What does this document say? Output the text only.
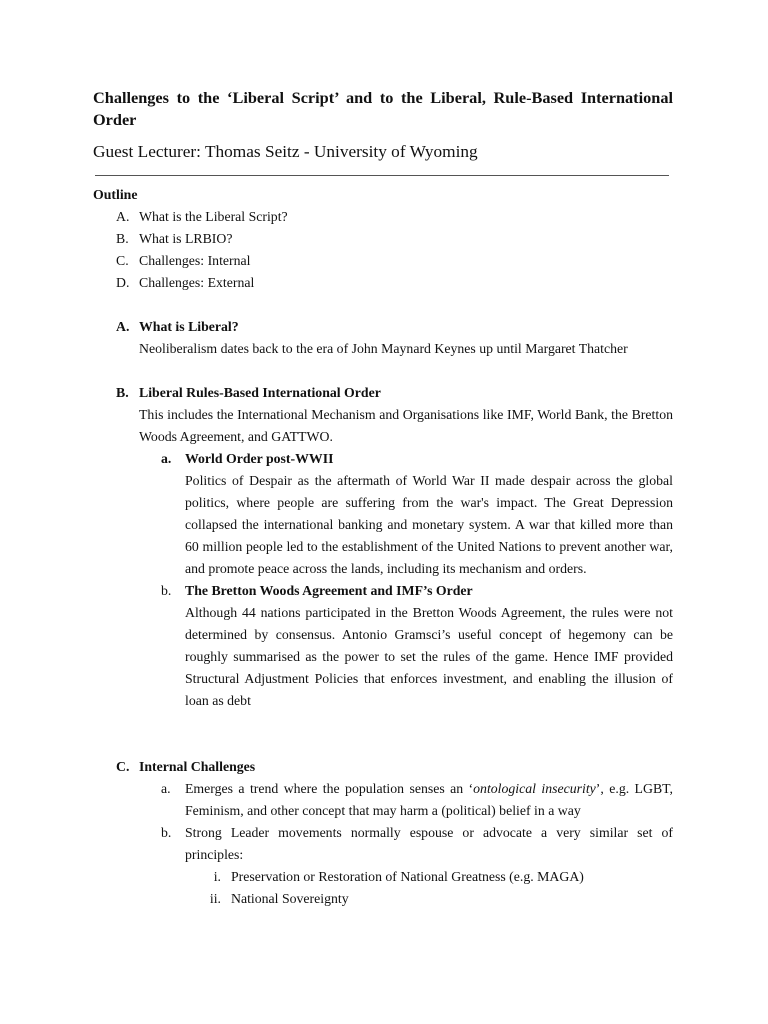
Challenges to the ‘Liberal Script’ and to the Liberal, Rule-Based International Order
Guest Lecturer: Thomas Seitz - University of Wyoming
Outline
A. What is the Liberal Script?
B. What is LRBIO?
C. Challenges: Internal
D. Challenges: External
A. What is Liberal?
Neoliberalism dates back to the era of John Maynard Keynes up until Margaret Thatcher
B. Liberal Rules-Based International Order
This includes the International Mechanism and Organisations like IMF, World Bank, the Bretton Woods Agreement, and GATTWO.
a. World Order post-WWII
Politics of Despair as the aftermath of World War II made despair across the global politics, where people are suffering from the war's impact. The Great Depression collapsed the international banking and monetary system. A war that killed more than 60 million people led to the establishment of the United Nations to prevent another war, and promote peace across the lands, including its mechanism and orders.
b. The Bretton Woods Agreement and IMF’s Order
Although 44 nations participated in the Bretton Woods Agreement, the rules were not determined by consensus. Antonio Gramsci’s useful concept of hegemony can be roughly summarised as the power to set the rules of the game. Hence IMF provided Structural Adjustment Policies that enforces investment, and enabling the illusion of loan as debt
C. Internal Challenges
a. Emerges a trend where the population senses an ‘ontological insecurity’, e.g. LGBT, Feminism, and other concept that may harm a (political) belief in a way
b. Strong Leader movements normally espouse or advocate a very similar set of principles:
i. Preservation or Restoration of National Greatness (e.g. MAGA)
ii. National Sovereignty
